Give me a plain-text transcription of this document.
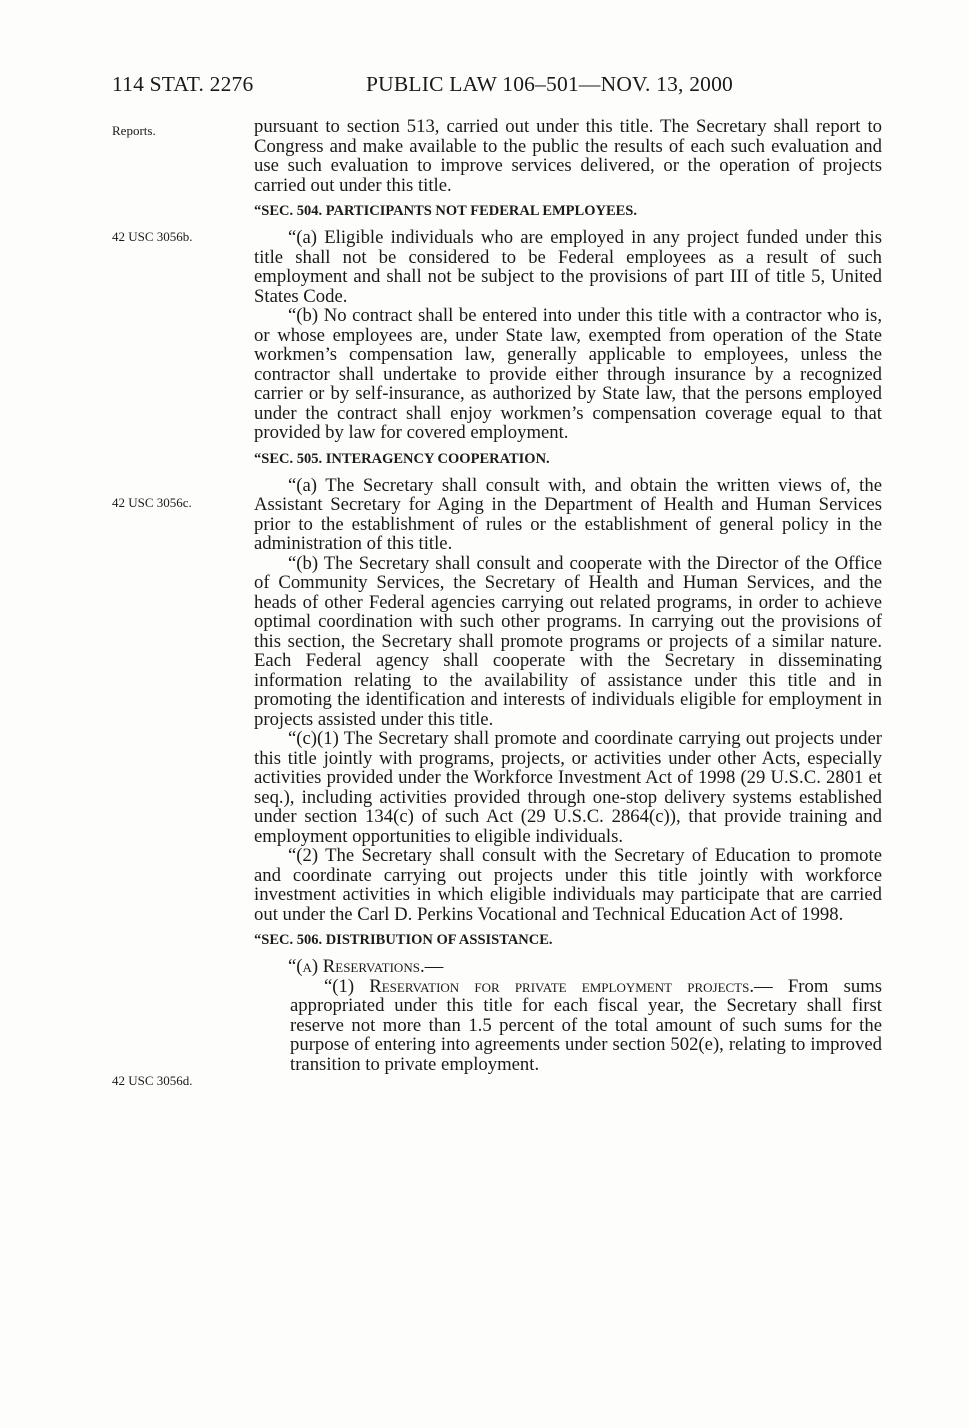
114 STAT. 2276	PUBLIC LAW 106–501—NOV. 13, 2000
Reports.
42 USC 3056b.
42 USC 3056c.
42 USC 3056d.

pursuant to section 513, carried out under this title. The Secretary shall report to Congress and make available to the public the results of each such evaluation and use such evaluation to improve services delivered, or the operation of projects carried out under this title.

“SEC. 504. PARTICIPANTS NOT FEDERAL EMPLOYEES.

“(a) Eligible individuals who are employed in any project funded under this title shall not be considered to be Federal employees as a result of such employment and shall not be subject to the provisions of part III of title 5, United States Code.

“(b) No contract shall be entered into under this title with a contractor who is, or whose employees are, under State law, exempted from operation of the State workmen’s compensation law, generally applicable to employees, unless the contractor shall undertake to provide either through insurance by a recognized carrier or by self-insurance, as authorized by State law, that the persons employed under the contract shall enjoy workmen’s compensation coverage equal to that provided by law for covered employment.

“SEC. 505. INTERAGENCY COOPERATION.

“(a) The Secretary shall consult with, and obtain the written views of, the Assistant Secretary for Aging in the Department of Health and Human Services prior to the establishment of rules or the establishment of general policy in the administration of this title.

“(b) The Secretary shall consult and cooperate with the Director of the Office of Community Services, the Secretary of Health and Human Services, and the heads of other Federal agencies carrying out related programs, in order to achieve optimal coordination with such other programs. In carrying out the provisions of this section, the Secretary shall promote programs or projects of a similar nature. Each Federal agency shall cooperate with the Secretary in disseminating information relating to the availability of assistance under this title and in promoting the identification and interests of individuals eligible for employment in projects assisted under this title.

“(c)(1) The Secretary shall promote and coordinate carrying out projects under this title jointly with programs, projects, or activities under other Acts, especially activities provided under the Workforce Investment Act of 1998 (29 U.S.C. 2801 et seq.), including activities provided through one-stop delivery systems established under section 134(c) of such Act (29 U.S.C. 2864(c)), that provide training and employment opportunities to eligible individuals.

“(2) The Secretary shall consult with the Secretary of Education to promote and coordinate carrying out projects under this title jointly with workforce investment activities in which eligible individuals may participate that are carried out under the Carl D. Perkins Vocational and Technical Education Act of 1998.

“SEC. 506. DISTRIBUTION OF ASSISTANCE.

“(a) Reservations.—

“(1) Reservation for private employment projects.— From sums appropriated under this title for each fiscal year, the Secretary shall first reserve not more than 1.5 percent of the total amount of such sums for the purpose of entering into agreements under section 502(e), relating to improved transition to private employment.
